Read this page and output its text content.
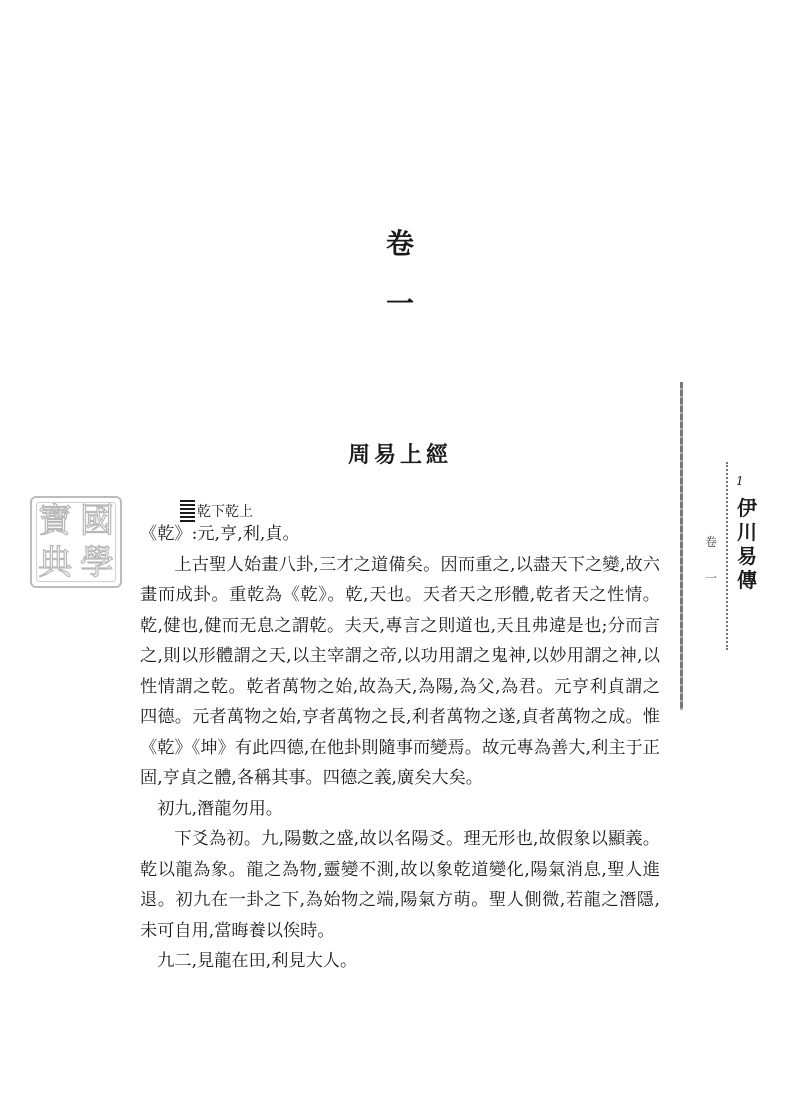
卷
一
1
伊川易傳
卷一
國
學
寶
典
周易上經
乾下乾上

《乾》:元,亨,利,貞。

上古聖人始畫八卦,三才之道備矣。因而重之,以盡天下之變,故六畫而成卦。重乾為《乾》。乾,天也。天者天之形體,乾者天之性情。乾,健也,健而无息之謂乾。夫天,專言之則道也,天且弗違是也;分而言之,則以形體謂之天,以主宰謂之帝,以功用謂之鬼神,以妙用謂之神,以性情謂之乾。乾者萬物之始,故為天,為陽,為父,為君。元亨利貞謂之四德。元者萬物之始,亨者萬物之長,利者萬物之遂,貞者萬物之成。惟《乾》《坤》有此四德,在他卦則隨事而變焉。故元專為善大,利主于正固,亨貞之體,各稱其事。四德之義,廣矣大矣。

初九,潛龍勿用。

下爻為初。九,陽數之盛,故以名陽爻。理无形也,故假象以顯義。乾以龍為象。龍之為物,靈變不測,故以象乾道變化,陽氣消息,聖人進退。初九在一卦之下,為始物之端,陽氣方萌。聖人側微,若龍之潛隱,未可自用,當晦養以俟時。

九二,見龍在田,利見大人。
